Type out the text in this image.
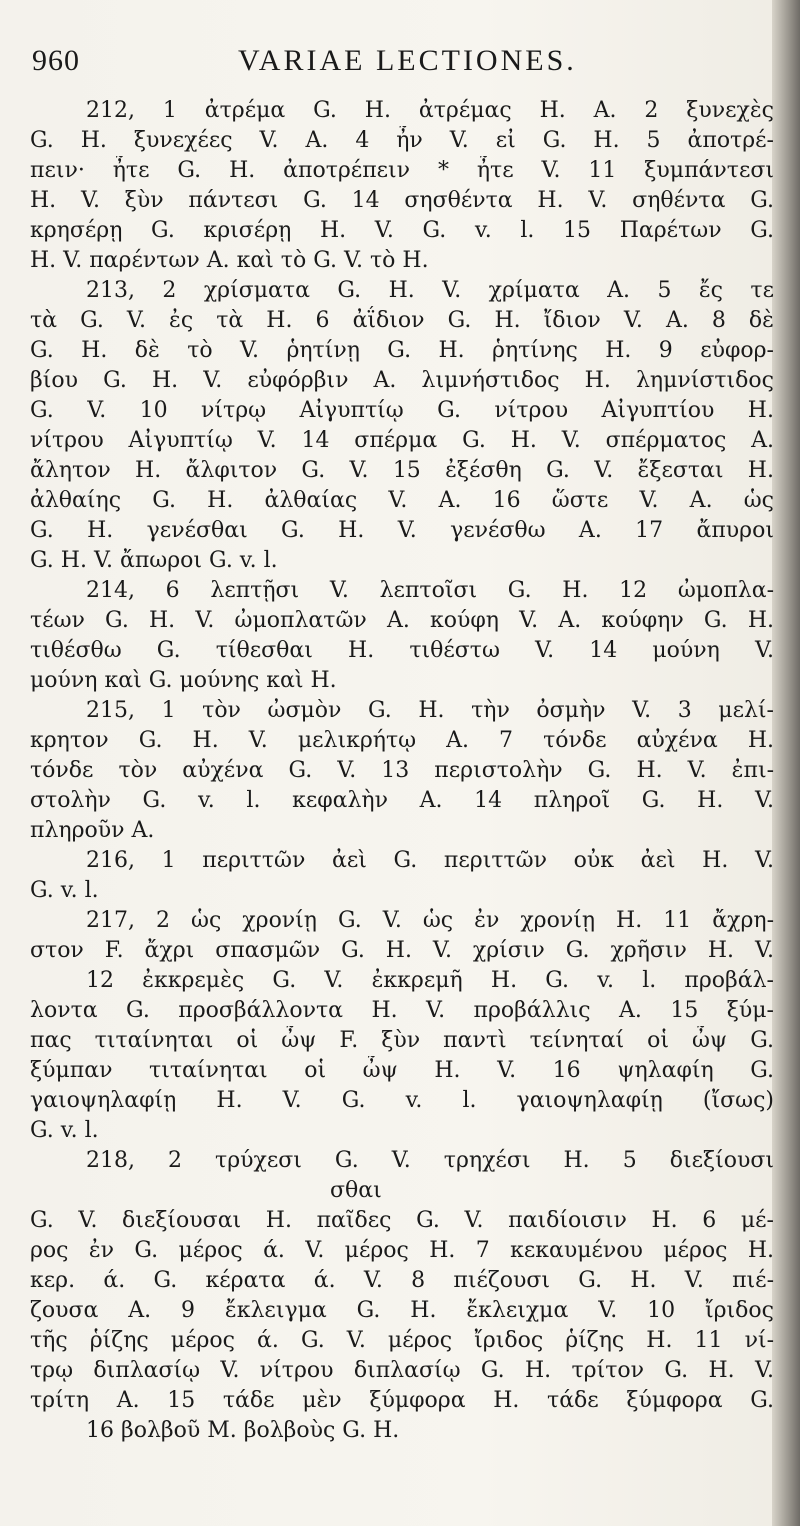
960	VARIAE LECTIONES.
212, 1 ἀτρέμα G. H. ἀτρέμας H. A. 2 ξυνεχὲς
G. H. ξυνεχέες V. A. 4 ἦν V. εἰ G. H. 5 ἀποτρέ-
πειν· ἦτε G. H. ἀποτρέπειν * ἦτε V. 11 ξυμπάντεσι
H. V. ξὺν πάντεσι G. 14 σησθέντα H. V. σηθέντα G.
κρησέρῃ G. κρισέρῃ H. V. G. v. l. 15 Παρέτων G.
H. V. παρέντων A. καὶ τὸ G. V. τὸ H.
213, 2 χρίσματα G. H. V. χρίματα A. 5 ἔς τε
τὰ G. V. ἐς τὰ H. 6 ἀΐδιον G. H. ἴδιον V. A. 8 δὲ
G. H. δὲ τὸ V. ῥητίνῃ G. H. ῥητίνης H. 9 εὐφορ-
βίου G. H. V. εὐφόρβιν A. λιμνήστιδος H. λημνίστιδος
G. V. 10 νίτρῳ Αἰγυπτίῳ G. νίτρου Αἰγυπτίου H.
νίτρου Αἰγυπτίῳ V. 14 σπέρμα G. H. V. σπέρματος A.
ἄλητον H. ἄλφιτον G. V. 15 ἐξέσθη G. V. ἔξεσται H.
ἀλθαίης G. H. ἀλθαίας V. A. 16 ὥστε V. A. ὡς
G. H. γενέσθαι G. H. V. γενέσθω A. 17 ἄπυροι
G. H. V. ἄπωροι G. v. l.
214, 6 λεπτῇσι V. λεπτοῖσι G. H. 12 ὠμοπλα-
τέων G. H. V. ὠμοπλατῶν A. κούφη V. A. κούφην G. H.
τιθέσθω G. τίθεσθαι H. τιθέστω V. 14 μούνη V.
μούνη καὶ G. μούνης καὶ H.
215, 1 τὸν ὠσμὸν G. H. τὴν ὀσμὴν V. 3 μελί-
κρητον G. H. V. μελικρήτῳ A. 7 τόνδε αὐχένα H.
τόνδε τὸν αὐχένα G. V. 13 περιστολὴν G. H. V. ἐπι-
στολὴν G. v. l. κεφαλὴν A. 14 πληροῖ G. H. V.
πληροῦν A.
216, 1 περιττῶν ἀεὶ G. περιττῶν οὐκ ἀεὶ H. V.
G. v. l.
217, 2 ὡς χρονίῃ G. V. ὡς ἐν χρονίῃ H. 11 ἄχρη-
στον F. ἄχρι σπασμῶν G. H. V. χρίσιν G. χρῆσιν H. V.
12 ἐκκρεμὲς G. V. ἐκκρεμῆ H. G. v. l. προβάλ-
λοντα G. προσβάλλοντα H. V. προβάλλις A. 15 ξύμ-
πας τιταίνηται οἱ ὦψ F. ξὺν παντὶ τείνηταί οἱ ὦψ G.
ξύμπαν τιταίνηται οἱ ὦψ H. V. 16 ψηλαφίη G.
γαιοψηλαφίῃ H. V. G. v. l. γαιοψηλαφίῃ (ἴσως)
G. v. l.
218, 2 τρύχεσι G. V. τρηχέσι H. 5 διεξίουσι
σθαι
G. V. διεξίουσαι H. παῖδες G. V. παιδίοισιν H. 6 μέ-
ρος ἐν G. μέρος ά. V. μέρος H. 7 κεκαυμένου μέρος H.
κερ. ά. G. κέρατα ά. V. 8 πιέζουσι G. H. V. πιέ-
ζουσα A. 9 ἔκλειγμα G. H. ἔκλειχμα V. 10 ἴριδος
τῆς ῥίζης μέρος ά. G. V. μέρος ἴριδος ῥίζης H. 11 νί-
τρῳ διπλασίῳ V. νίτρου διπλασίῳ G. H. τρίτον G. H. V.
τρίτη A. 15 τάδε μὲν ξύμφορα H. τάδε ξύμφορα G.
16 βολβοῦ M. βολβοὺς G. H.
